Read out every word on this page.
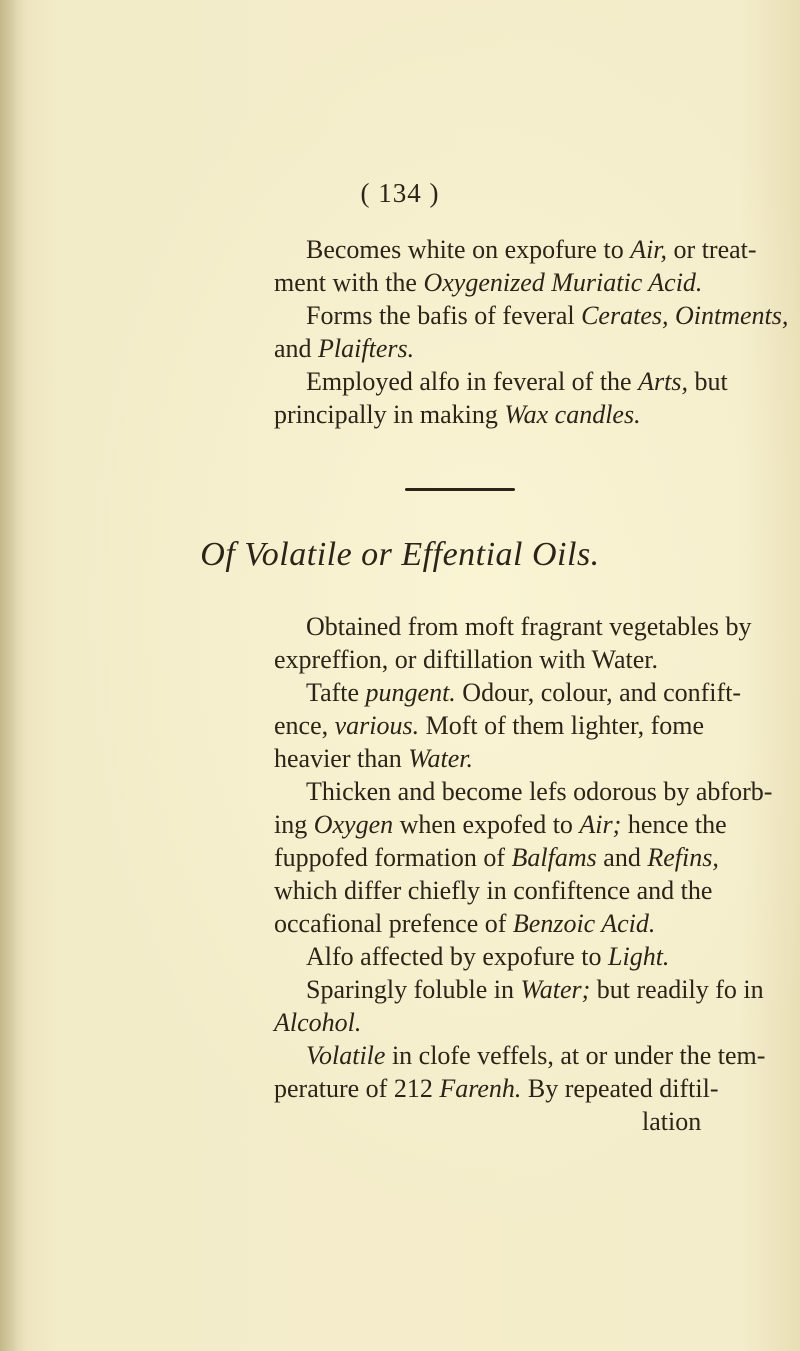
( 134 )
Becomes white on expofure to Air, or treat-
ment with the Oxygenized Muriatic Acid.
Forms the bafis of feveral Cerates, Ointments,
and Plaifters.
Employed alfo in feveral of the Arts, but
principally in making Wax candles.
Of Volatile or Effential Oils.
Obtained from moft fragrant vegetables by
expreffion, or diftillation with Water.
Tafte pungent. Odour, colour, and confift-
ence, various. Moft of them lighter, fome
heavier than Water.
Thicken and become lefs odorous by abforb-
ing Oxygen when expofed to Air; hence the
fuppofed formation of Balfams and Refins,
which differ chiefly in confiftence and the
occafional prefence of Benzoic Acid.
Alfo affected by expofure to Light.
Sparingly foluble in Water; but readily fo in
Alcohol.
Volatile in clofe veffels, at or under the tem-
perature of 212 Farenh. By repeated diftil-
lation
